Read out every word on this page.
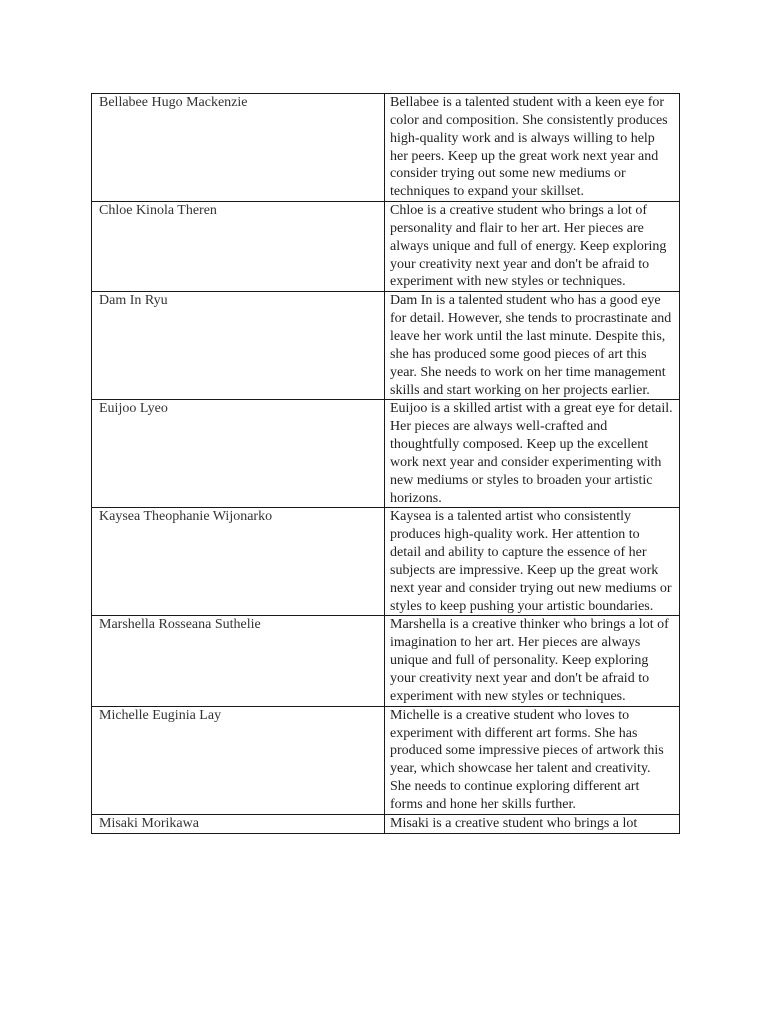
Bellabee Hugo Mackenzie	Bellabee is a talented student with a keen eye for color and composition. She consistently produces high-quality work and is always willing to help her peers. Keep up the great work next year and consider trying out some new mediums or techniques to expand your skillset.
Chloe Kinola Theren	Chloe is a creative student who brings a lot of personality and flair to her art. Her pieces are always unique and full of energy. Keep exploring your creativity next year and don't be afraid to experiment with new styles or techniques.
Dam In Ryu	Dam In is a talented student who has a good eye for detail. However, she tends to procrastinate and leave her work until the last minute. Despite this, she has produced some good pieces of art this year. She needs to work on her time management skills and start working on her projects earlier.
Euijoo Lyeo	Euijoo is a skilled artist with a great eye for detail. Her pieces are always well-crafted and thoughtfully composed. Keep up the excellent work next year and consider experimenting with new mediums or styles to broaden your artistic horizons.
Kaysea Theophanie Wijonarko	Kaysea is a talented artist who consistently produces high-quality work. Her attention to detail and ability to capture the essence of her subjects are impressive. Keep up the great work next year and consider trying out new mediums or styles to keep pushing your artistic boundaries.
Marshella Rosseana Suthelie	Marshella is a creative thinker who brings a lot of imagination to her art. Her pieces are always unique and full of personality. Keep exploring your creativity next year and don't be afraid to experiment with new styles or techniques.
Michelle Euginia Lay	Michelle is a creative student who loves to experiment with different art forms. She has produced some impressive pieces of artwork this year, which showcase her talent and creativity. She needs to continue exploring different art forms and hone her skills further.
Misaki Morikawa	Misaki is a creative student who brings a lot
